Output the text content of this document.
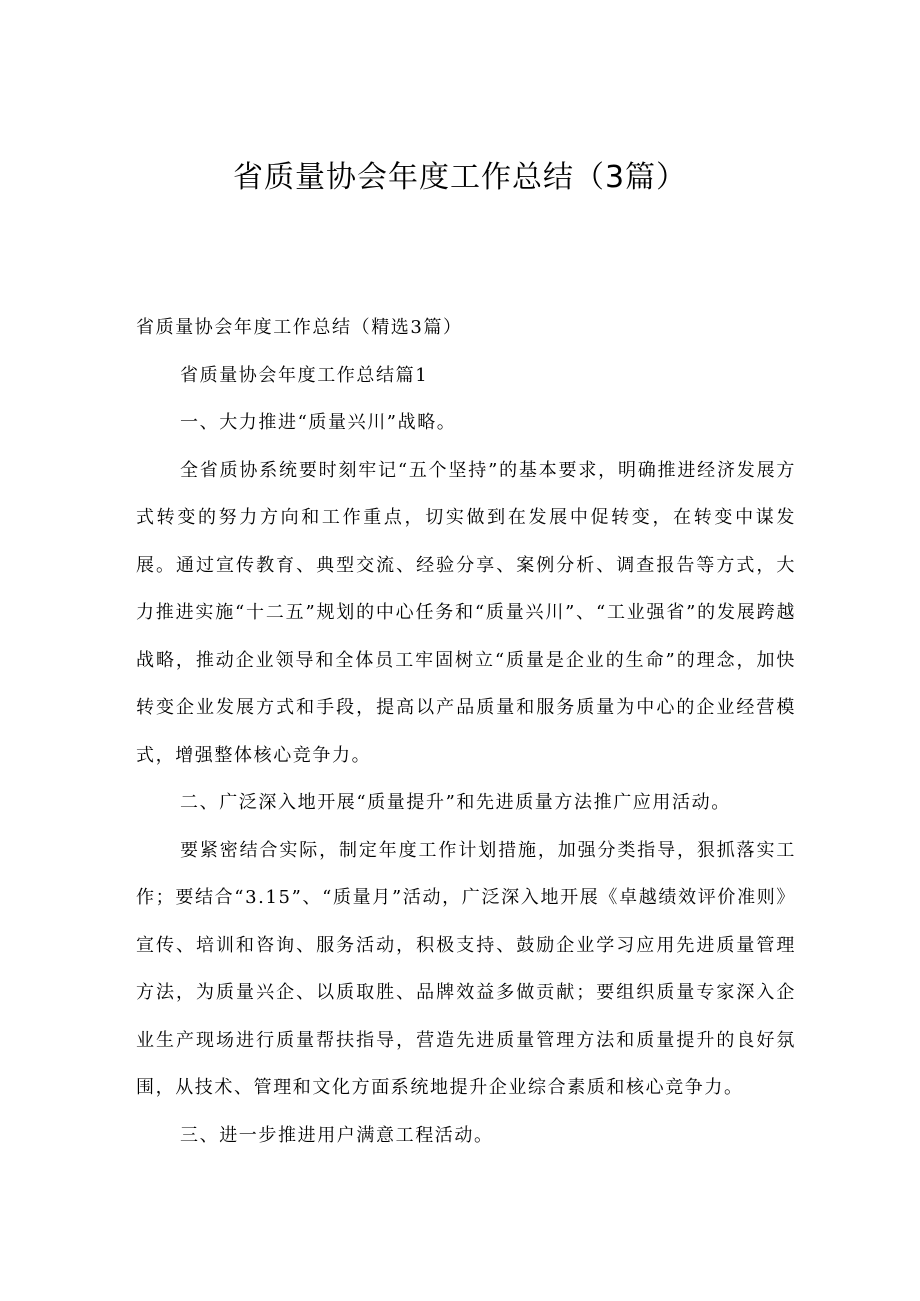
省质量协会年度工作总结（3篇）

省质量协会年度工作总结（精选3篇）

省质量协会年度工作总结篇1

一、大力推进“质量兴川”战略。

全省质协系统要时刻牢记“五个坚持”的基本要求，明确推进经济发展方式转变的努力方向和工作重点，切实做到在发展中促转变，在转变中谋发展。通过宣传教育、典型交流、经验分享、案例分析、调查报告等方式，大力推进实施“十二五”规划的中心任务和“质量兴川”、“工业强省”的发展跨越战略，推动企业领导和全体员工牢固树立“质量是企业的生命”的理念，加快转变企业发展方式和手段，提高以产品质量和服务质量为中心的企业经营模式，增强整体核心竞争力。

二、广泛深入地开展“质量提升”和先进质量方法推广应用活动。

要紧密结合实际，制定年度工作计划措施，加强分类指导，狠抓落实工作；要结合“3.15”、“质量月”活动，广泛深入地开展《卓越绩效评价准则》宣传、培训和咨询、服务活动，积极支持、鼓励企业学习应用先进质量管理方法，为质量兴企、以质取胜、品牌效益多做贡献；要组织质量专家深入企业生产现场进行质量帮扶指导，营造先进质量管理方法和质量提升的良好氛围，从技术、管理和文化方面系统地提升企业综合素质和核心竞争力。

三、进一步推进用户满意工程活动。
